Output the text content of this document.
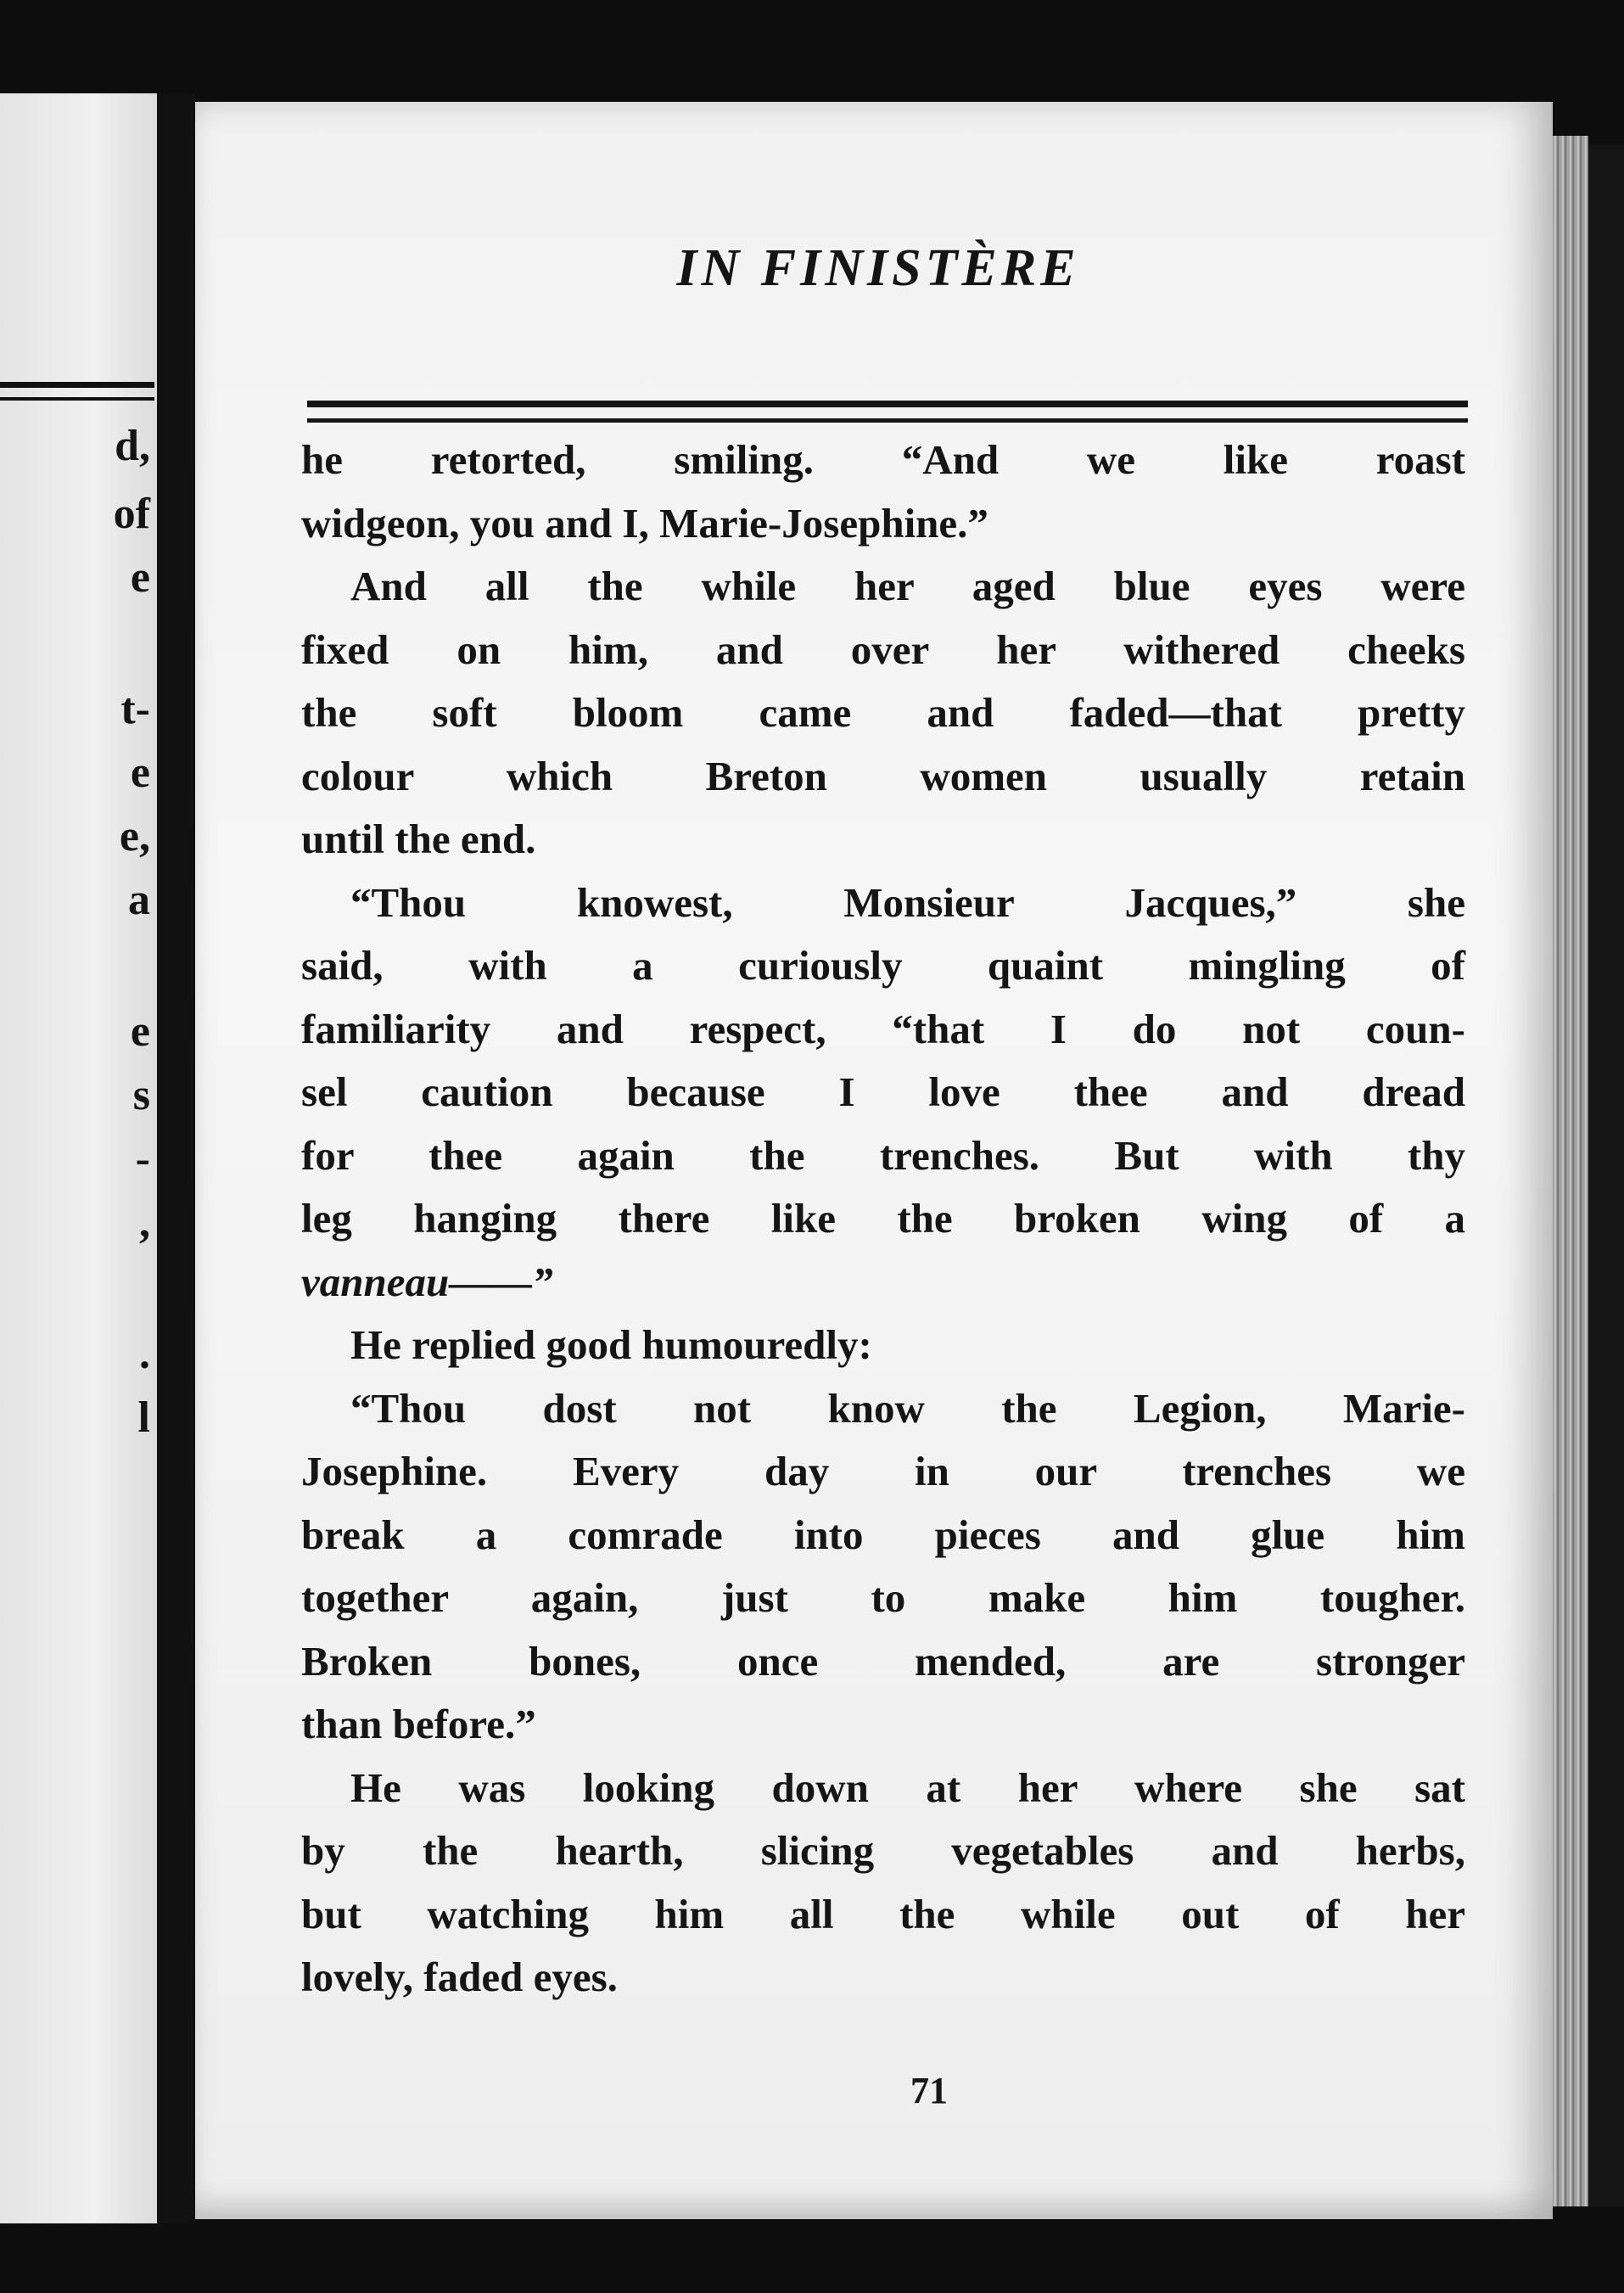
d,

of

e

t-

e

e,

a

e

s

-

,

.

l

IN FINISTÈRE
he retorted, smiling. “And we like roast
widgeon, you and I, Marie-Josephine.”
And all the while her aged blue eyes were
fixed on him, and over her withered cheeks
the soft bloom came and faded—that pretty
colour which Breton women usually retain
until the end.
“Thou knowest, Monsieur Jacques,” she
said, with a curiously quaint mingling of
familiarity and respect, “that I do not coun-
sel caution because I love thee and dread
for thee again the trenches. But with thy
leg hanging there like the broken wing of a
vanneau——”
He replied good humouredly:
“Thou dost not know the Legion, Marie-
Josephine. Every day in our trenches we
break a comrade into pieces and glue him
together again, just to make him tougher.
Broken bones, once mended, are stronger
than before.”
He was looking down at her where she sat
by the hearth, slicing vegetables and herbs,
but watching him all the while out of her
lovely, faded eyes.

71
